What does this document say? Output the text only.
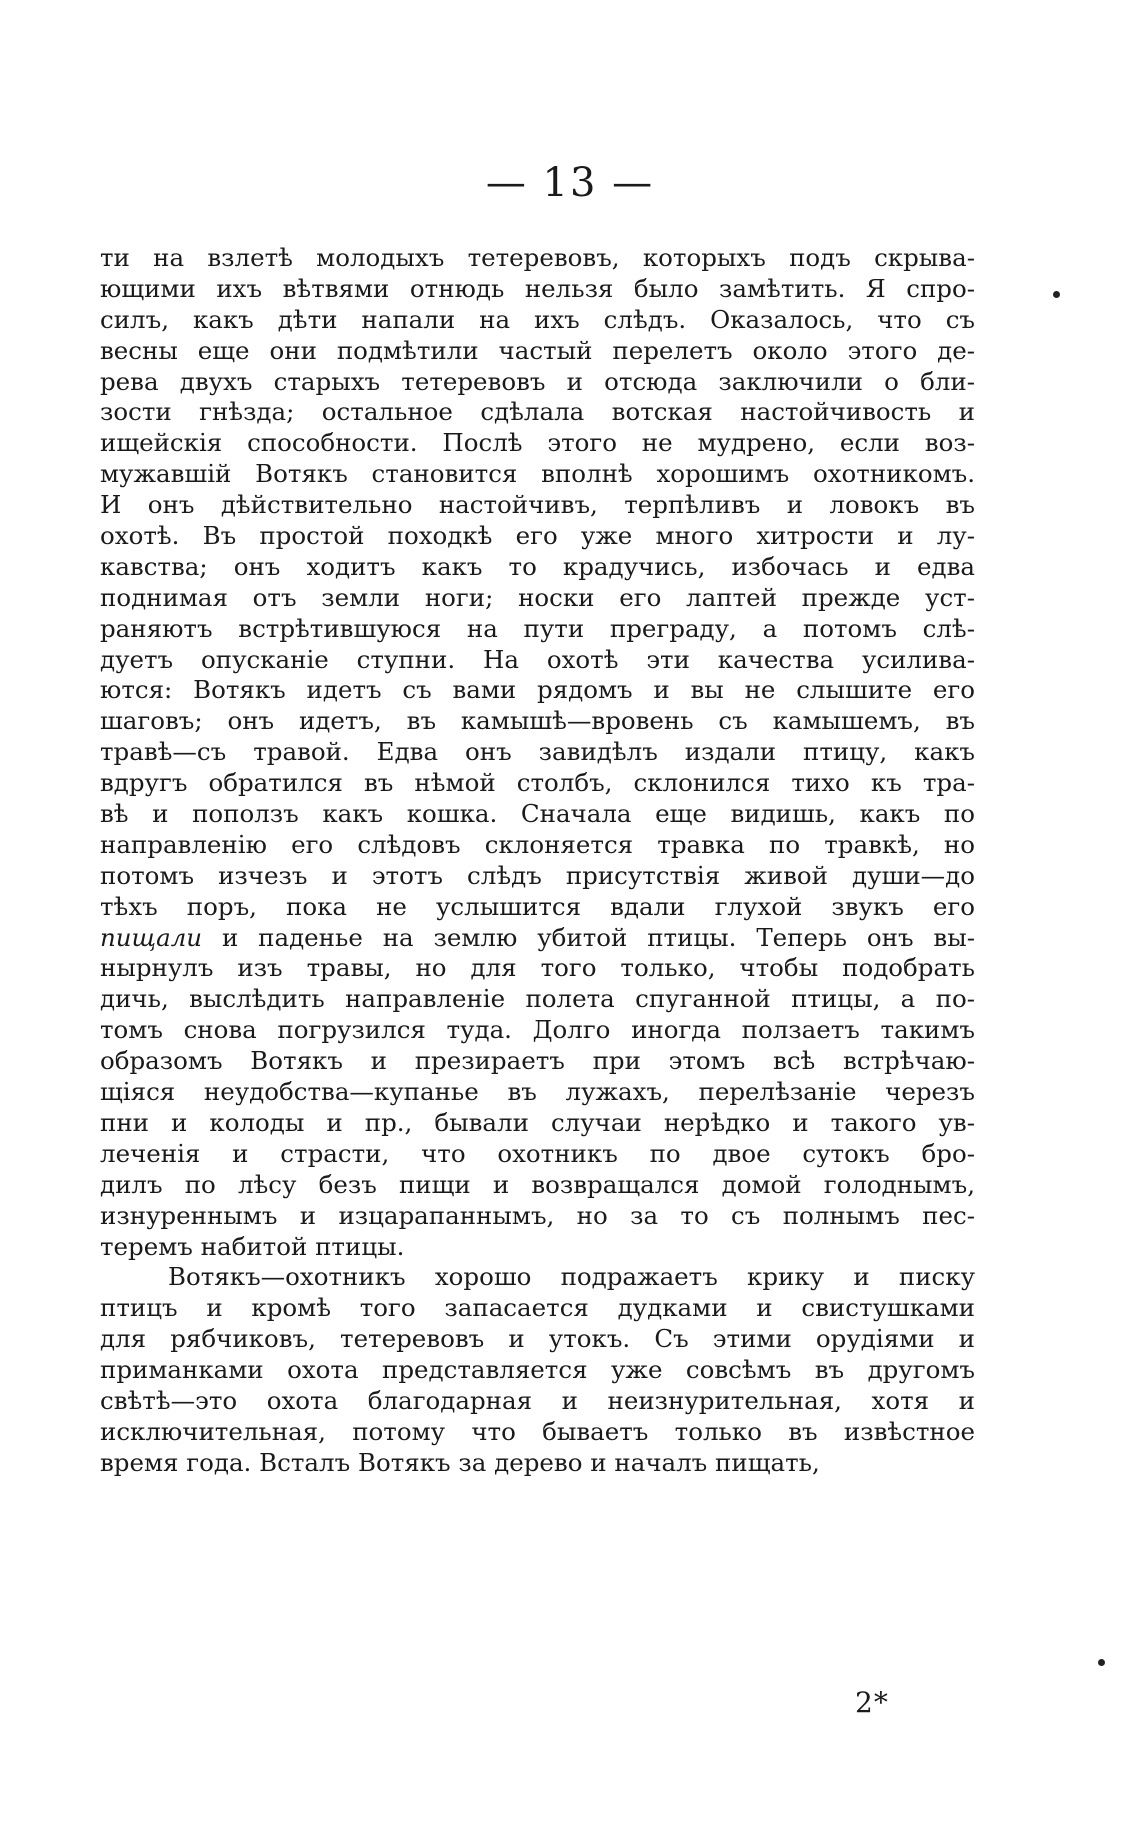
— 13 —
ти на взлетѣ молодыхъ тетеревовъ, которыхъ подъ скрыва-
ющими ихъ вѣтвями отнюдь нельзя было замѣтить. Я спро-
силъ, какъ дѣти напали на ихъ слѣдъ. Оказалось, что съ
весны еще они подмѣтили частый перелетъ около этого де-
рева двухъ старыхъ тетеревовъ и отсюда заключили о бли-
зости гнѣзда; остальное сдѣлала вотская настойчивость и
ищейскія способности. Послѣ этого не мудрено, если воз-
мужавшій Вотякъ становится вполнѣ хорошимъ охотникомъ.
И онъ дѣйствительно настойчивъ, терпѣливъ и ловокъ въ
охотѣ. Въ простой походкѣ его уже много хитрости и лу-
кавства; онъ ходитъ какъ то крадучись, избочась и едва
поднимая отъ земли ноги; носки его лаптей прежде уст-
раняютъ встрѣтившуюся на пути преграду, а потомъ слѣ-
дуетъ опусканіе ступни. На охотѣ эти качества усилива-
ются: Вотякъ идетъ съ вами рядомъ и вы не слышите его
шаговъ; онъ идетъ, въ камышѣ—вровень съ камышемъ, въ
травѣ—съ травой. Едва онъ завидѣлъ издали птицу, какъ
вдругъ обратился въ нѣмой столбъ, склонился тихо къ тра-
вѣ и поползъ какъ кошка. Сначала еще видишь, какъ по
направленію его слѣдовъ склоняется травка по травкѣ, но
потомъ изчезъ и этотъ слѣдъ присутствія живой души—до
тѣхъ поръ, пока не услышится вдали глухой звукъ его
пищали и паденье на землю убитой птицы. Теперь онъ вы-
нырнулъ изъ травы, но для того только, чтобы подобрать
дичь, выслѣдить направленіе полета спуганной птицы, а по-
томъ снова погрузился туда. Долго иногда ползаетъ такимъ
образомъ Вотякъ и презираетъ при этомъ всѣ встрѣчаю-
щіяся неудобства—купанье въ лужахъ, перелѣзаніе черезъ
пни и колоды и пр., бывали случаи нерѣдко и такого ув-
леченія и страсти, что охотникъ по двое сутокъ бро-
дилъ по лѣсу безъ пищи и возвращался домой голоднымъ,
изнуреннымъ и изцарапаннымъ, но за то съ полнымъ пес-
теремъ набитой птицы.
Вотякъ—охотникъ хорошо подражаетъ крику и писку
птицъ и кромѣ того запасается дудками и свистушками
для рябчиковъ, тетеревовъ и утокъ. Съ этими орудіями и
приманками охота представляется уже совсѣмъ въ другомъ
свѣтѣ—это охота благодарная и неизнурительная, хотя и
исключительная, потому что бываетъ только въ извѣстное
время года. Всталъ Вотякъ за дерево и началъ пищать,
2*
